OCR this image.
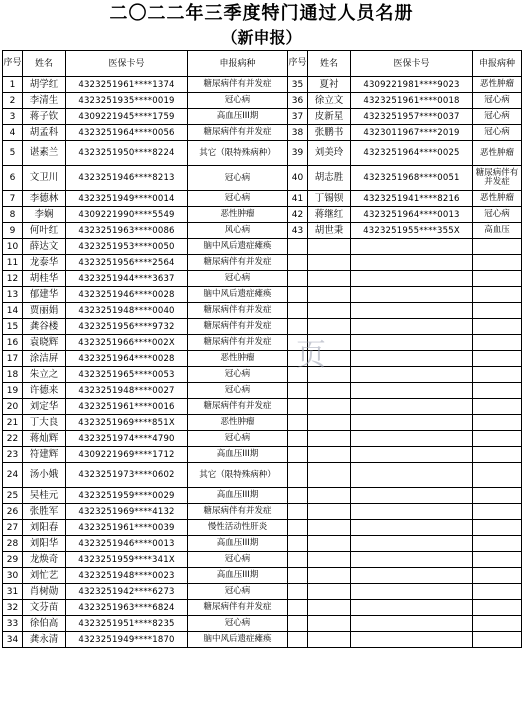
二〇二二年三季度特门通过人员名册
（新申报）
序号	姓名	医保卡号	申报病种	序号	姓名	医保卡号	申报病种
1	胡学红	4323251961****1374	糖尿病伴有并发症	35	夏衬	4309221981****9023	恶性肿瘤
2	李清生	4323251935****0019	冠心病	36	徐立文	4323251961****0018	冠心病
3	蒋子钦	4309221945****1759	高血压III期	37	皮新星	4323251957****0037	冠心病
4	胡孟科	4323251964****0056	糖尿病伴有并发症	38	张鹏书	4323011967****2019	冠心病
5	谌素兰	4323251950****8224	其它（限特殊病种）	39	刘美玲	4323251964****0025	恶性肿瘤
6	文卫川	4323251946****8213	冠心病	40	胡志胜	4323251968****0051	糖尿病伴有并发症
7	李德林	4323251949****0014	冠心病	41	丁锡钡	4323251941****8216	恶性肿瘤
8	李娴	4309221990****5549	恶性肿瘤	42	蒋继红	4323251964****0013	冠心病
9	何叶红	4323251963****0086	风心病	43	胡世秉	4323251955****355X	高血压
10	薛达文	4323251953****0050	脑中风后遗症瘫痪				
11	龙泰华	4323251956****2564	糖尿病伴有并发症				
12	胡桂华	4323251944****3637	冠心病				
13	郁建华	4323251946****0028	脑中风后遗症瘫痪				
14	贾丽娟	4323251948****0040	糖尿病伴有并发症				
15	龚谷楼	4323251956****9732	糖尿病伴有并发症				
16	袁晓辉	4323251966****002X	糖尿病伴有并发症				
17	涂洁屏	4323251964****0028	恶性肿瘤				
18	朱立之	4323251965****0053	冠心病				
19	许德来	4323251948****0027	冠心病				
20	刘定华	4323251961****0016	糖尿病伴有并发症				
21	丁大良	4323251969****851X	恶性肿瘤				
22	蒋灿辉	4323251974****4790	冠心病				
23	符建辉	4309221969****1712	高血压III期				
24	汤小娥	4323251973****0602	其它（限特殊病种）				
25	吴桂元	4323251959****0029	高血压III期				
26	张胜军	4323251969****4132	糖尿病伴有并发症				
27	刘阳春	4323251961****0039	慢性活动性肝炎				
28	刘阳华	4323251946****0013	高血压III期				
29	龙焕奇	4323251959****341X	冠心病				
30	刘忙艺	4323251948****0023	高血压III期				
31	肖树勋	4323251942****6273	冠心病				
32	文芬苗	4323251963****6824	糖尿病伴有并发症				
33	徐伯高	4323251951****8235	冠心病				
34	龚永清	4323251949****1870	脑中风后遗症瘫痪				
页
